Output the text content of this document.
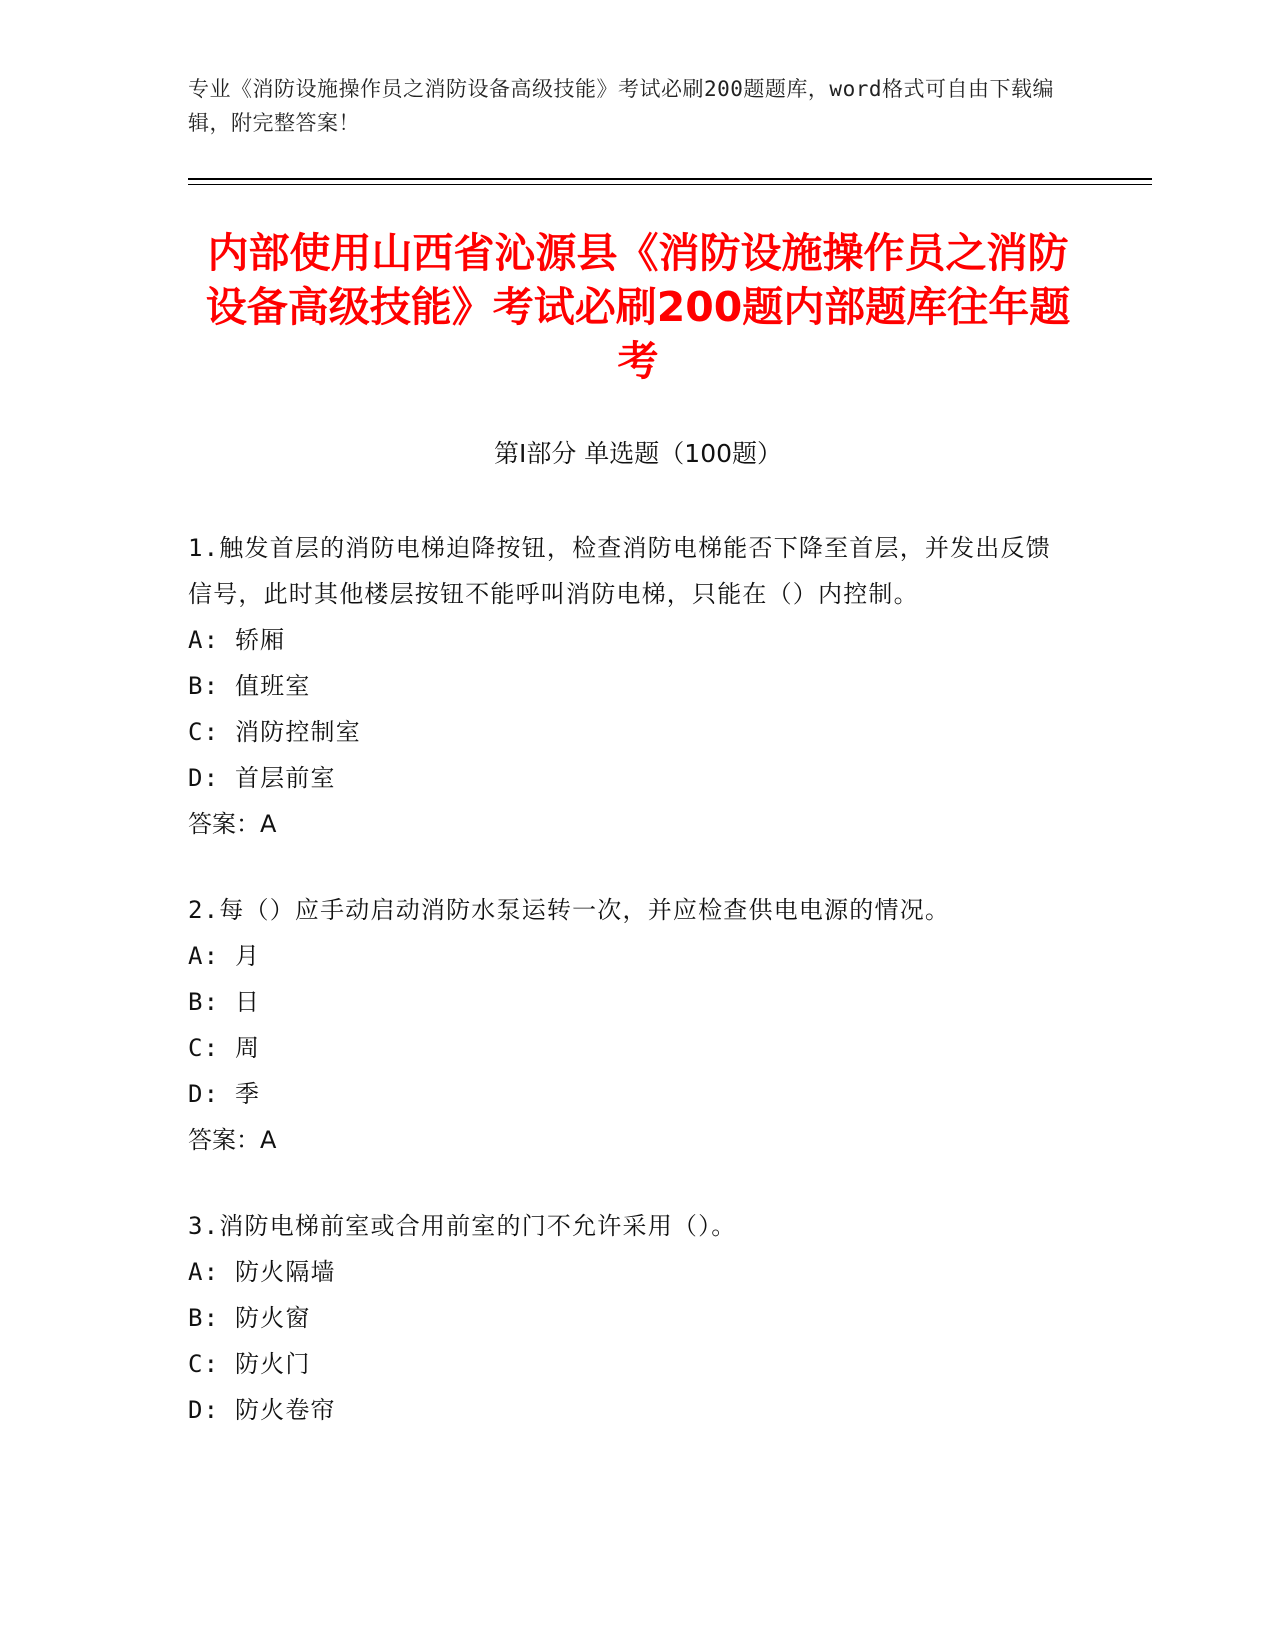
专业《消防设施操作员之消防设备高级技能》考试必刷200题题库，word格式可自由下载编辑，附完整答案！
内部使用山西省沁源县《消防设施操作员之消防设备高级技能》考试必刷200题内部题库往年题考
第I部分 单选题（100题）
1.触发首层的消防电梯迫降按钮，检查消防电梯能否下降至首层，并发出反馈信号，此时其他楼层按钮不能呼叫消防电梯，只能在（）内控制。
A: 轿厢
B: 值班室
C: 消防控制室
D: 首层前室
答案：A
2.每（）应手动启动消防水泵运转一次，并应检查供电电源的情况。
A: 月
B: 日
C: 周
D: 季
答案：A
3.消防电梯前室或合用前室的门不允许采用（）。
A: 防火隔墙
B: 防火窗
C: 防火门
D: 防火卷帘
